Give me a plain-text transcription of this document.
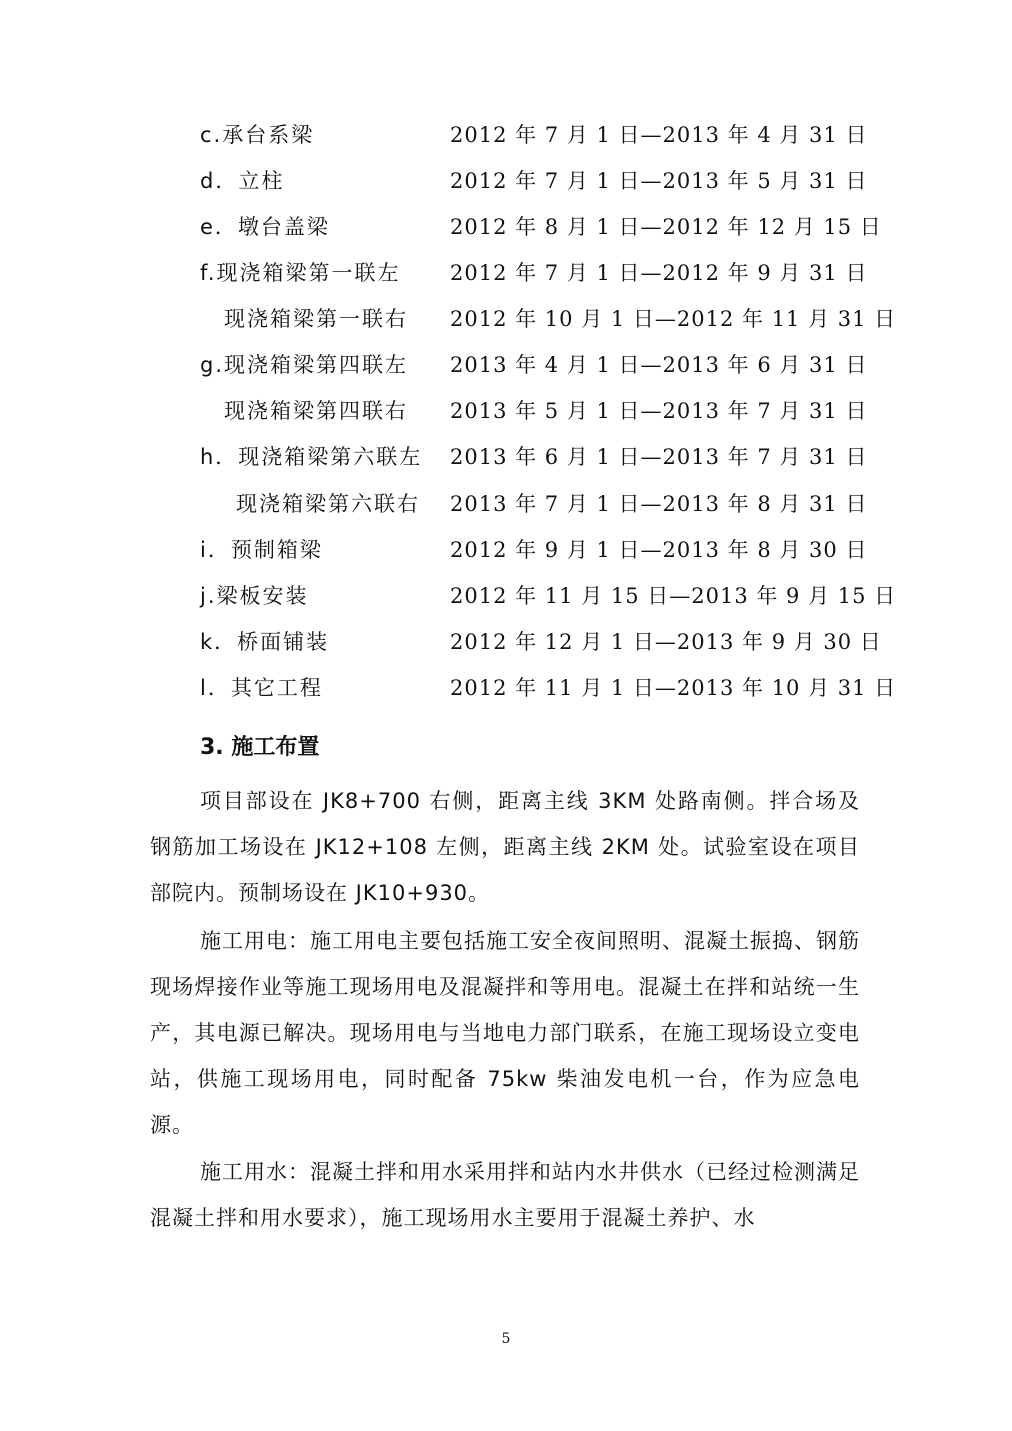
c.承台系梁	2012 年 7 月 1 日—2013 年 4 月 31 日
d．立柱	2012 年 7 月 1 日—2013 年 5 月 31 日
e．墩台盖梁	2012 年 8 月 1 日—2012 年 12 月 15 日
f.现浇箱梁第一联左 2012 年 7 月 1 日—2012 年 9 月 31 日
现浇箱梁第一联右 2012 年 10 月 1 日—2012 年 11 月 31 日
g.现浇箱梁第四联左 2013 年 4 月 1 日—2013 年 6 月 31 日
现浇箱梁第四联右 2013 年 5 月 1 日—2013 年 7 月 31 日
h．现浇箱梁第六联左 2013 年 6 月 1 日—2013 年 7 月 31 日
现浇箱梁第六联右 2013 年 7 月 1 日—2013 年 8 月 31 日
i．预制箱梁	2012 年 9 月 1 日—2013 年 8 月 30 日
j.梁板安装	2012 年 11 月 15 日—2013 年 9 月 15 日
k．桥面铺装	2012 年 12 月 1 日—2013 年 9 月 30 日
l．其它工程	2012 年 11 月 1 日—2013 年 10 月 31 日
3. 施工布置

项目部设在 JK8+700 右侧，距离主线 3KM 处路南侧。拌合场及钢筋加工场设在 JK12+108 左侧，距离主线 2KM 处。试验室设在项目部院内。预制场设在 JK10+930。

施工用电：施工用电主要包括施工安全夜间照明、混凝土振捣、钢筋现场焊接作业等施工现场用电及混凝拌和等用电。混凝土在拌和站统一生产，其电源已解决。现场用电与当地电力部门联系，在施工现场设立变电站，供施工现场用电，同时配备 75kw 柴油发电机一台，作为应急电源。

施工用水：混凝土拌和用水采用拌和站内水井供水（已经过检测满足混凝土拌和用水要求），施工现场用水主要用于混凝土养护、水

5
